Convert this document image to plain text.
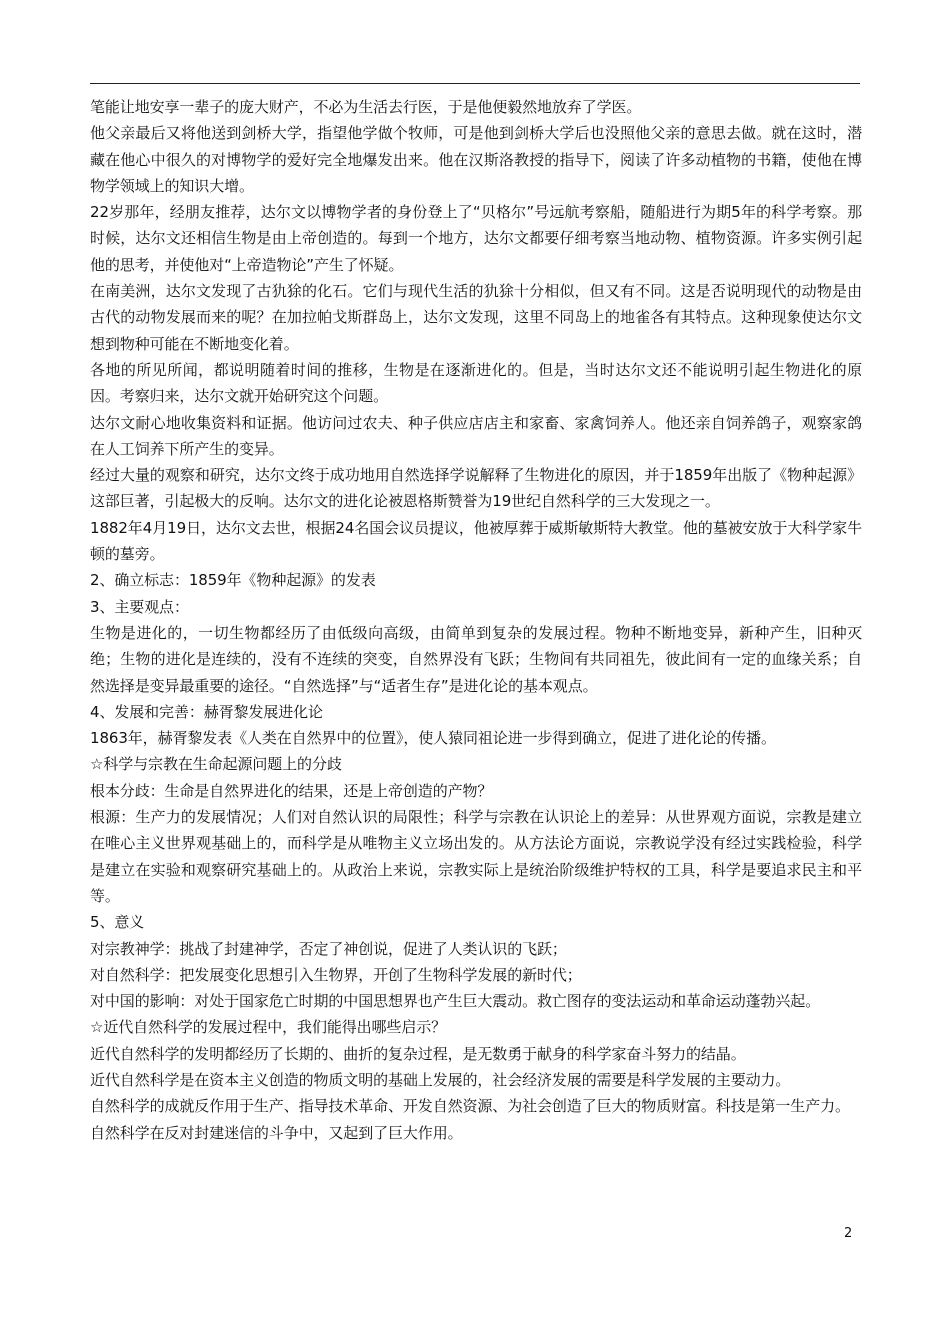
笔能让地安享一辈子的庞大财产，不必为生活去行医，于是他便毅然地放弃了学医。

他父亲最后又将他送到剑桥大学，指望他学做个牧师，可是他到剑桥大学后也没照他父亲的意思去做。就在这时，潜藏在他心中很久的对博物学的爱好完全地爆发出来。他在汉斯洛教授的指导下，阅读了许多动植物的书籍，使他在博物学领域上的知识大增。

22岁那年，经朋友推荐，达尔文以博物学者的身份登上了“贝格尔”号远航考察船，随船进行为期5年的科学考察。那时候，达尔文还相信生物是由上帝创造的。每到一个地方，达尔文都要仔细考察当地动物、植物资源。许多实例引起他的思考，并使他对“上帝造物论”产生了怀疑。

在南美洲，达尔文发现了古犰狳的化石。它们与现代生活的犰狳十分相似，但又有不同。这是否说明现代的动物是由古代的动物发展而来的呢？在加拉帕戈斯群岛上，达尔文发现，这里不同岛上的地雀各有其特点。这种现象使达尔文想到物种可能在不断地变化着。

各地的所见所闻，都说明随着时间的推移，生物是在逐渐进化的。但是，当时达尔文还不能说明引起生物进化的原因。考察归来，达尔文就开始研究这个问题。

达尔文耐心地收集资料和证据。他访问过农夫、种子供应店店主和家畜、家禽饲养人。他还亲自饲养鸽子，观察家鸽在人工饲养下所产生的变异。

经过大量的观察和研究，达尔文终于成功地用自然选择学说解释了生物进化的原因，并于1859年出版了《物种起源》这部巨著，引起极大的反响。达尔文的进化论被恩格斯赞誉为19世纪自然科学的三大发现之一。

1882年4月19日，达尔文去世，根据24名国会议员提议，他被厚葬于威斯敏斯特大教堂。他的墓被安放于大科学家牛顿的墓旁。

2、确立标志：1859年《物种起源》的发表

3、主要观点：

生物是进化的，一切生物都经历了由低级向高级，由简单到复杂的发展过程。物种不断地变异，新种产生，旧种灭绝；生物的进化是连续的，没有不连续的突变，自然界没有飞跃；生物间有共同祖先，彼此间有一定的血缘关系；自然选择是变异最重要的途径。“自然选择”与“适者生存”是进化论的基本观点。

4、发展和完善：赫胥黎发展进化论

1863年，赫胥黎发表《人类在自然界中的位置》，使人猿同祖论进一步得到确立，促进了进化论的传播。

☆科学与宗教在生命起源问题上的分歧

根本分歧：生命是自然界进化的结果，还是上帝创造的产物？

根源：生产力的发展情况；人们对自然认识的局限性；科学与宗教在认识论上的差异：从世界观方面说，宗教是建立在唯心主义世界观基础上的，而科学是从唯物主义立场出发的。从方法论方面说，宗教说学没有经过实践检验，科学是建立在实验和观察研究基础上的。从政治上来说，宗教实际上是统治阶级维护特权的工具，科学是要追求民主和平等。

5、意义

对宗教神学：挑战了封建神学，否定了神创说，促进了人类认识的飞跃；

对自然科学：把发展变化思想引入生物界，开创了生物科学发展的新时代；

对中国的影响：对处于国家危亡时期的中国思想界也产生巨大震动。救亡图存的变法运动和革命运动蓬勃兴起。

☆近代自然科学的发展过程中，我们能得出哪些启示？

近代自然科学的发明都经历了长期的、曲折的复杂过程，是无数勇于献身的科学家奋斗努力的结晶。

近代自然科学是在资本主义创造的物质文明的基础上发展的，社会经济发展的需要是科学发展的主要动力。

自然科学的成就反作用于生产、指导技术革命、开发自然资源、为社会创造了巨大的物质财富。科技是第一生产力。

自然科学在反对封建迷信的斗争中，又起到了巨大作用。

2
